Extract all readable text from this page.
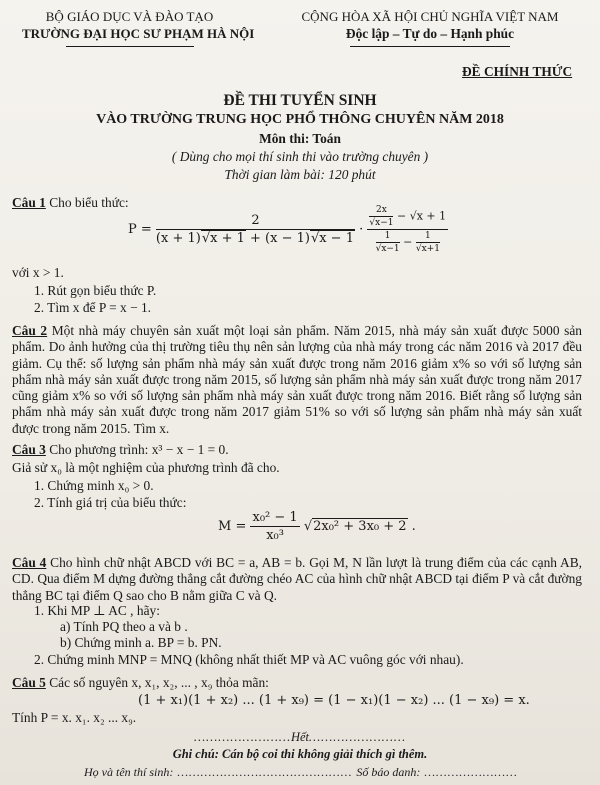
BỘ GIÁO DỤC VÀ ĐÀO TẠO
TRƯỜNG ĐẠI HỌC SƯ PHẠM HÀ NỘI
CỘNG HÒA XÃ HỘI CHỦ NGHĨA VIỆT NAM
Độc lập – Tự do – Hạnh phúc
ĐỀ CHÍNH THỨC
ĐỀ THI TUYỂN SINH
VÀO TRƯỜNG TRUNG HỌC PHỔ THÔNG CHUYÊN NĂM 2018
Môn thi: Toán
( Dùng cho mọi thí sinh thi vào trường chuyên )
Thời gian làm bài: 120 phút
Câu 1 Cho biểu thức:
$P = \frac{2}{(x + 1)√x + 1 + (x - 1)√x - 1} \cdot \frac{\frac{2x}{√x-1} - √x + 1}{\frac{1}{√x-1} - \frac{1}{√x+1}}$
với x > 1.
1. Rút gọn biểu thức P.
2. Tìm x để P = x − 1.
Câu 2 Một nhà máy chuyên sản xuất một loại sản phẩm. Năm 2015, nhà máy sản xuất được 5000 sản phẩm. Do ảnh hưởng của thị trường tiêu thụ nên sản lượng của nhà máy trong các năm 2016 và 2017 đều giảm. Cụ thể: số lượng sản phẩm nhà máy sản xuất được trong năm 2016 giảm x% so với số lượng sản phẩm nhà máy sản xuất được trong năm 2015, số lượng sản phẩm nhà máy sản xuất được trong năm 2017 cũng giảm x% so với số lượng sản phẩm nhà máy sản xuất được trong năm 2016. Biết rằng số lượng sản phẩm nhà máy sản xuất được trong năm 2017 giảm 51% so với số lượng sản phẩm nhà máy sản xuất được trong năm 2015. Tìm x.
Câu 3 Cho phương trình: x³ − x − 1 = 0.
Giả sử x₀ là một nghiệm của phương trình đã cho.
1. Chứng minh x₀ > 0.
2. Tính giá trị của biểu thức:
$M = \frac{\text{x₀² − 1}}{\text{x₀³}} √2x_0^2 + 3x_0 + 2$ .
Câu 4 Cho hình chữ nhật ABCD với BC = a, AB = b. Gọi M, N lần lượt là trung điểm của các cạnh AB, CD. Qua điểm M dựng đường thẳng cắt đường chéo AC của hình chữ nhật ABCD tại điểm P và cắt đường thẳng BC tại điểm Q sao cho B nằm giữa C và Q.
1. Khi MP ⊥ AC , hãy:
a) Tính PQ theo a và b .
b) Chứng minh a. BP = b. PN.
2. Chứng minh MNP = MNQ (không nhất thiết MP và AC vuông góc với nhau).
Câu 5 Các số nguyên x, x₁, x₂, ... , x₉ thỏa mãn:
(1 + x₁)(1 + x₂) ... (1 + x₉) = (1 − x₁)(1 − x₂) ... (1 − x₉) = x.
Tính P = x. x₁. x₂ ... x₉.
……………………Hết……………………
Ghi chú: Cán bộ coi thi không giải thích gì thêm.
Họ và tên thí sinh: ……………………………………… Số báo danh: ……………………
